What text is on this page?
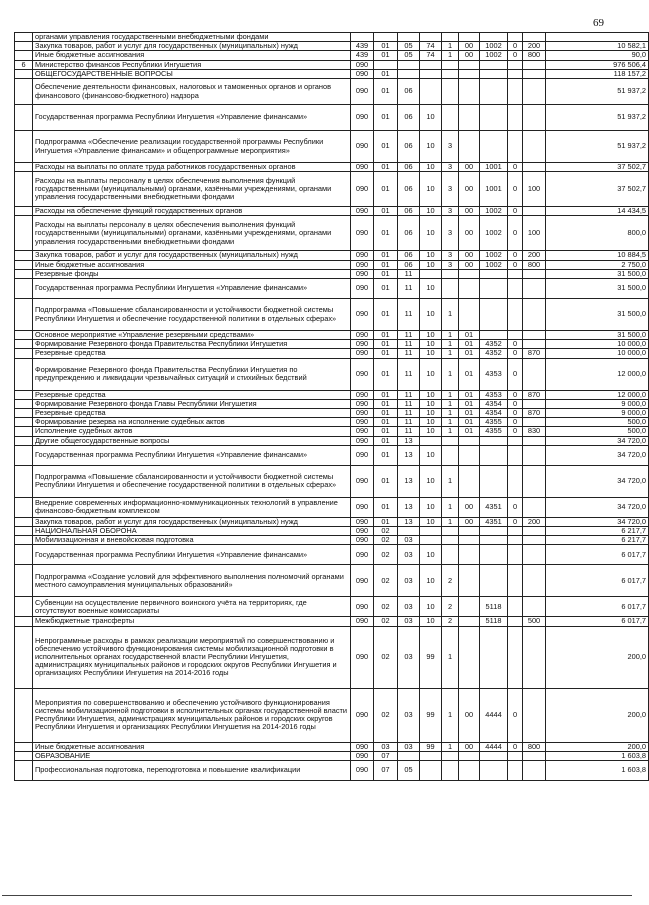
69
	органами управления государственными внебюджетными фондами										
	Закупка товаров, работ и услуг для государственных (муниципальных) нужд	439	01	05	74	1	00	1002	0	200	10 582,1
	Иные бюджетные ассигнования	439	01	05	74	1	00	1002	0	800	90,0
6	Министерство финансов Республики Ингушетия	090									976 506,4
	ОБЩЕГОСУДАРСТВЕННЫЕ ВОПРОСЫ	090	01								118 157,2
	Обеспечение деятельности финансовых, налоговых и таможенных органов и органов финансового (финансово-бюджетного) надзора	090	01	06							51 937,2
	Государственная программа Республики Ингушетия «Управление финансами»	090	01	06	10						51 937,2
	Подпрограмма «Обеспечение реализации государственной программы Республики Ингушетия «Управление финансами» и общепрограммные мероприятия»	090	01	06	10	3					51 937,2
	Расходы на выплаты по оплате труда работников государственных органов	090	01	06	10	3	00	1001	0		37 502,7
	Расходы на выплаты персоналу в целях обеспечения выполнения функций государственными (муниципальными) органами, казёнными учреждениями, органами управления государственными внебюджетными фондами	090	01	06	10	3	00	1001	0	100	37 502,7
	Расходы на обеспечение функций государственных органов	090	01	06	10	3	00	1002	0		14 434,5
	Расходы на выплаты персоналу в целях обеспечения выполнения функций государственными (муниципальными) органами, казёнными учреждениями, органами управления государственными внебюджетными фондами	090	01	06	10	3	00	1002	0	100	800,0
	Закупка товаров, работ и услуг для государственных (муниципальных) нужд	090	01	06	10	3	00	1002	0	200	10 884,5
	Иные бюджетные ассигнования	090	01	06	10	3	00	1002	0	800	2 750,0
	Резервные фонды	090	01	11							31 500,0
	Государственная программа Республики Ингушетия «Управление финансами»	090	01	11	10						31 500,0
	Подпрограмма «Повышение сбалансированности и устойчивости бюджетной системы Республики Ингушетия и обеспечение государственной политики в отдельных сферах»	090	01	11	10	1					31 500,0
	Основное мероприятие «Управление резервными средствами»	090	01	11	10	1	01				31 500,0
	Формирование Резервного фонда Правительства Республики Ингушетия	090	01	11	10	1	01	4352	0		10 000,0
	Резервные средства	090	01	11	10	1	01	4352	0	870	10 000,0
	Формирование Резервного фонда Правительства Республики Ингушетия по предупреждению и ликвидации чрезвычайных ситуаций и стихийных бедствий	090	01	11	10	1	01	4353	0		12 000,0
	Резервные средства	090	01	11	10	1	01	4353	0	870	12 000,0
	Формирование Резервного фонда Главы Республики Ингушетия	090	01	11	10	1	01	4354	0		9 000,0
	Резервные средства	090	01	11	10	1	01	4354	0	870	9 000,0
	Формирование резерва на исполнение судебных актов	090	01	11	10	1	01	4355	0		500,0
	Исполнение судебных актов	090	01	11	10	1	01	4355	0	830	500,0
	Другие общегосударственные вопросы	090	01	13							34 720,0
	Государственная программа Республики Ингушетия «Управление финансами»	090	01	13	10						34 720,0
	Подпрограмма «Повышение сбалансированности и устойчивости бюджетной системы Республики Ингушетия и обеспечение государственной политики в отдельных сферах»	090	01	13	10	1					34 720,0
	Внедрение современных информационно-коммуникационных технологий в управление финансово-бюджетным комплексом	090	01	13	10	1	00	4351	0		34 720,0
	Закупка товаров, работ и услуг для государственных (муниципальных) нужд	090	01	13	10	1	00	4351	0	200	34 720,0
	НАЦИОНАЛЬНАЯ ОБОРОНА	090	02								6 217,7
	Мобилизационная и вневойсковая подготовка	090	02	03							6 217,7
	Государственная программа Республики Ингушетия «Управление финансами»	090	02	03	10						6 017,7
	Подпрограмма «Создание условий для эффективного выполнения полномочий органами местного самоуправления муниципальных образований»	090	02	03	10	2					6 017,7
	Субвенции на осуществление первичного воинского учёта на территориях, где отсутствуют военные комиссариаты	090	02	03	10	2		5118			6 017,7
	Межбюджетные трансферты	090	02	03	10	2		5118		500	6 017,7
	Непрограммные расходы в рамках реализации мероприятий по совершенствованию и обеспечению устойчивого функционирования системы мобилизационной подготовки в исполнительных органах государственной власти Республики Ингушетия, администрациях муниципальных районов и городских округов Республики Ингушетия и организациях Республики Ингушетия на 2014-2016 годы	090	02	03	99	1					200,0
	Мероприятия по совершенствованию и обеспечению устойчивого функционирования системы мобилизационной подготовки в исполнительных органах государственной власти Республики Ингушетия, администрациях муниципальных районов и городских округов Республики Ингушетия и организациях Республики Ингушетия на 2014-2016 годы	090	02	03	99	1	00	4444	0		200,0
	Иные бюджетные ассигнования	090	03	03	99	1	00	4444	0	800	200,0
	ОБРАЗОВАНИЕ	090	07								1 603,8
	Профессиональная подготовка, переподготовка и повышение квалификации	090	07	05							1 603,8
